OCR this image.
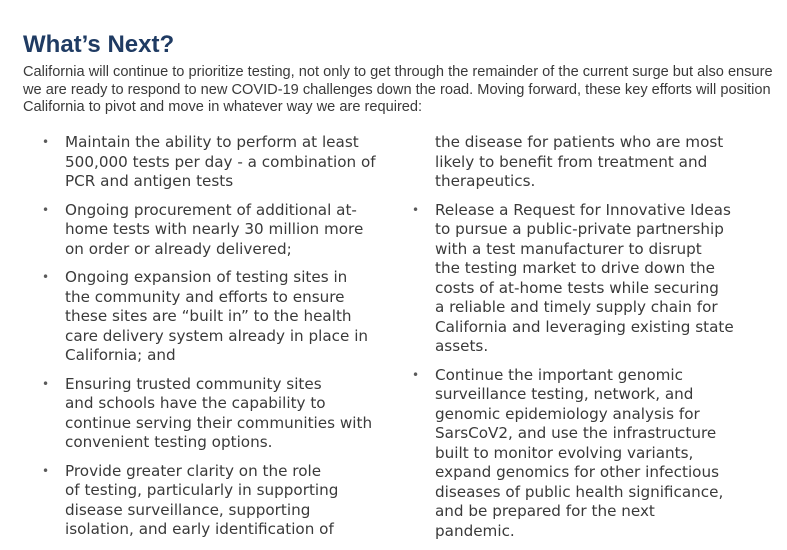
What’s Next?

California will continue to prioritize testing, not only to get through the remainder of the current surge but also ensure we are ready to respond to new COVID-19 challenges down the road. Moving forward, these key efforts will position California to pivot and move in whatever way we are required:

• Maintain the ability to perform at least
500,000 tests per day - a combination of
PCR and antigen tests
• Ongoing procurement of additional at-
home tests with nearly 30 million more
on order or already delivered;
• Ongoing expansion of testing sites in
the community and efforts to ensure
these sites are “built in” to the health
care delivery system already in place in
California; and
• Ensuring trusted community sites
and schools have the capability to
continue serving their communities with
convenient testing options.
• Provide greater clarity on the role
of testing, particularly in supporting
disease surveillance, supporting
isolation, and early identification of
the disease for patients who are most
likely to benefit from treatment and
therapeutics.
• Release a Request for Innovative Ideas
to pursue a public-private partnership
with a test manufacturer to disrupt
the testing market to drive down the
costs of at-home tests while securing
a reliable and timely supply chain for
California and leveraging existing state
assets.
• Continue the important genomic
surveillance testing, network, and
genomic epidemiology analysis for
SarsCoV2, and use the infrastructure
built to monitor evolving variants,
expand genomics for other infectious
diseases of public health significance,
and be prepared for the next
pandemic.
